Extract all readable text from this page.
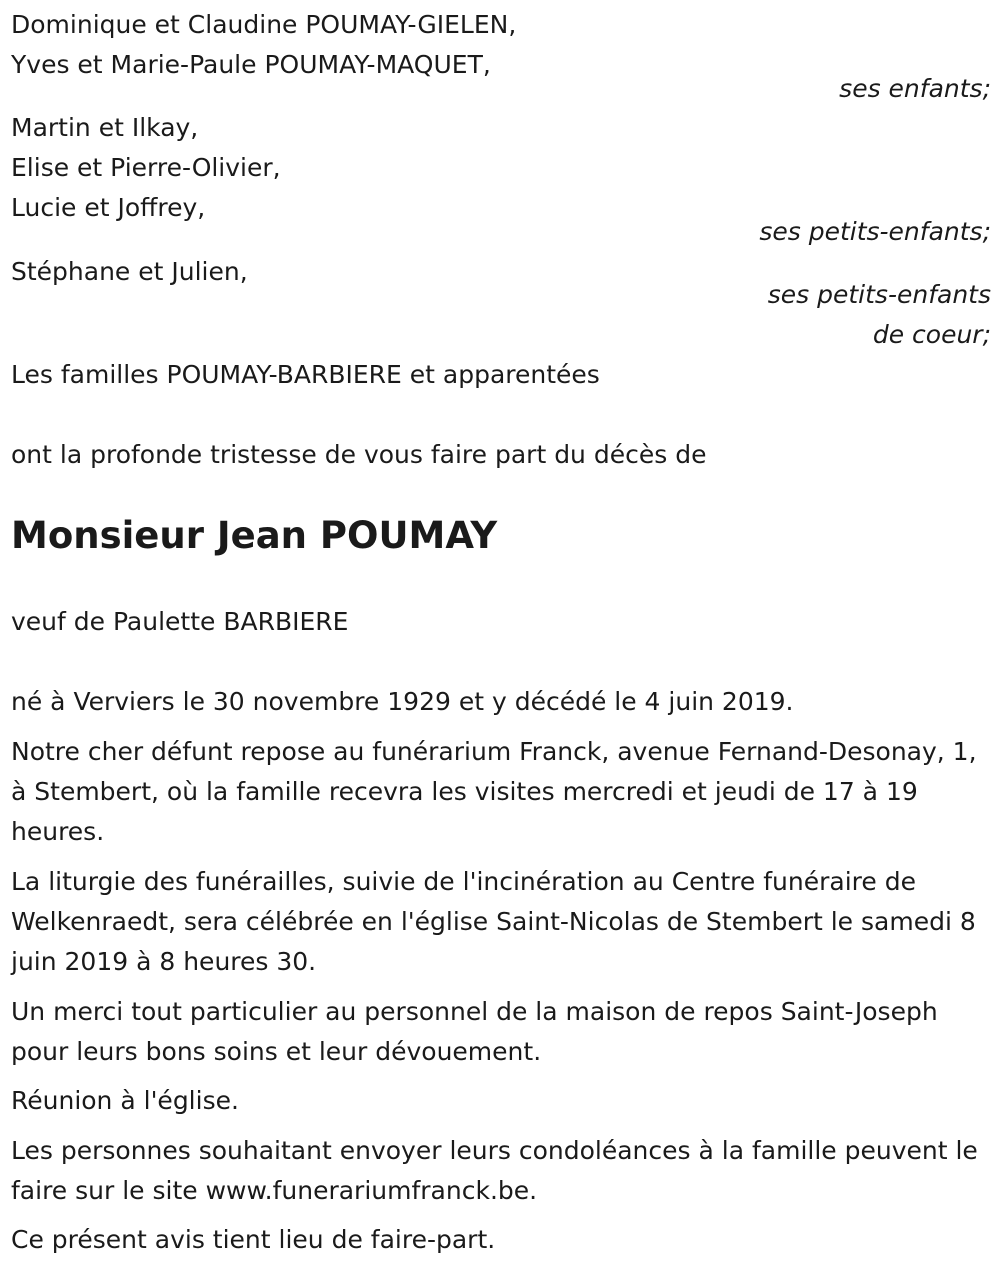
Dominique et Claudine POUMAY-GIELEN,
Yves et Marie-Paule POUMAY-MAQUET,
ses enfants;
Martin et Ilkay,
Elise et Pierre-Olivier,
Lucie et Joffrey,
ses petits-enfants;
Stéphane et Julien,
ses petits-enfants
de coeur;
Les familles POUMAY-BARBIERE et apparentées
ont la profonde tristesse de vous faire part du décès de
Monsieur Jean POUMAY
veuf de Paulette BARBIERE
né à Verviers le 30 novembre 1929 et y décédé le 4 juin 2019.
Notre cher défunt repose au funérarium Franck, avenue Fernand-Desonay, 1, à Stembert, où la famille recevra les visites mercredi et jeudi de 17 à 19 heures.
La liturgie des funérailles, suivie de l'incinération au Centre funéraire de Welkenraedt, sera célébrée en l'église Saint-Nicolas de Stembert le samedi 8 juin 2019 à 8 heures 30.
Un merci tout particulier au personnel de la maison de repos Saint-Joseph pour leurs bons soins et leur dévouement.
Réunion à l'église.
Les personnes souhaitant envoyer leurs condoléances à la famille peuvent le faire sur le site www.funerariumfranck.be.
Ce présent avis tient lieu de faire-part.
